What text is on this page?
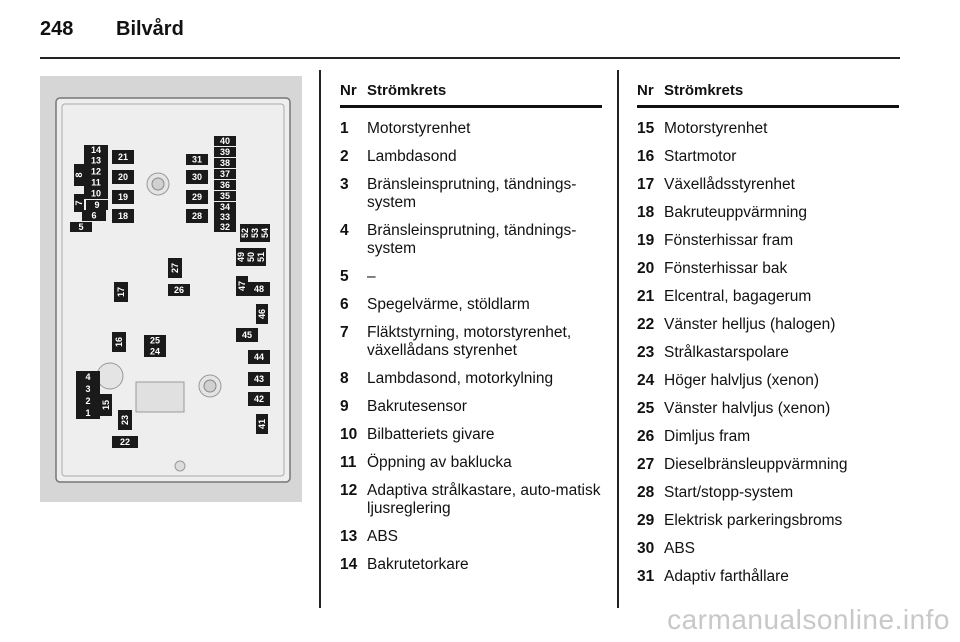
248 Bilvård
1
2
3
4
5
6
7
8
9
10
11
12
13
14
15
16
17
18
19
20
21
22
23
24
25
26
27
28
29
30
31
32
33
34
35
36
37
38
39
40
41
42
43
44
45
46
47 48
49 50 51
52 53 54
Nr Strömkrets
1	Motorstyrenhet
2	Lambdasond
3	Bränsleinsprutning, tändnings-system
4	Bränsleinsprutning, tändnings-system
5	–
6	Spegelvärme, stöldlarm
7	Fläktstyrning, motorstyrenhet, växellådans styrenhet
8	Lambdasond, motorkylning
9	Bakrutesensor
10 Bilbatteriets givare
11 Öppning av baklucka
12 Adaptiva strålkastare, auto-matisk ljusreglering
13 ABS
14 Bakrutetorkare
Nr Strömkrets
15 Motorstyrenhet
16 Startmotor
17 Växellådsstyrenhet
18 Bakruteuppvärmning
19 Fönsterhissar fram
20 Fönsterhissar bak
21 Elcentral, bagagerum
22 Vänster helljus (halogen)
23 Strålkastarspolare
24 Höger halvljus (xenon)
25 Vänster halvljus (xenon)
26 Dimljus fram
27 Dieselbränsleuppvärmning
28 Start/stopp-system
29 Elektrisk parkeringsbroms
30 ABS
31 Adaptiv farthållare
carmanualsonline.info
